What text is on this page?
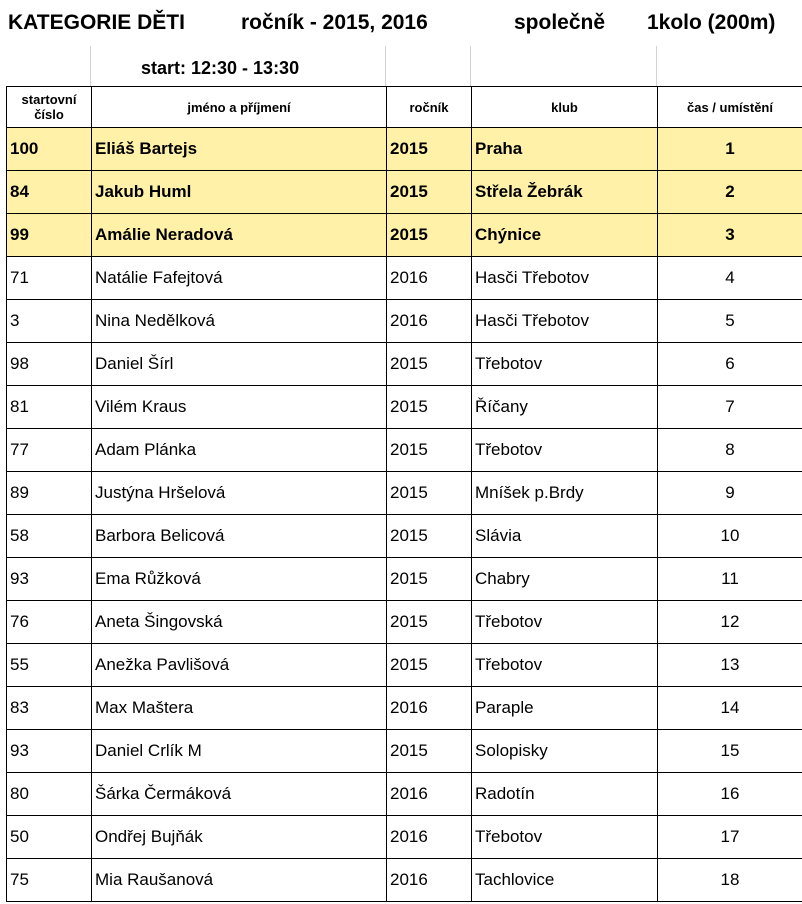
KATEGORIE DĚTI	ročník - 2015, 2016	společně 1kolo (200m)
start: 12:30 - 13:30
startovní
číslo	jméno a příjmení	ročník	klub	čas / umístění
100	Eliáš Bartejs	2015	Praha	1
84	Jakub Huml	2015	Střela Žebrák	2
99	Amálie Neradová	2015	Chýnice	3
71	Natálie Fafejtová	2016	Hasči Třebotov	4
3	Nina Nedělková	2016	Hasči Třebotov	5
98	Daniel Šírl	2015	Třebotov	6
81	Vilém Kraus	2015	Říčany	7
77	Adam Plánka	2015	Třebotov	8
89	Justýna Hršelová	2015	Mníšek p.Brdy	9
58	Barbora Belicová	2015	Slávia	10
93	Ema Růžková	2015	Chabry	11
76	Aneta Šingovská	2015	Třebotov	12
55	Anežka Pavlišová	2015	Třebotov	13
83	Max Maštera	2016	Paraple	14
93	Daniel Crlík M	2015	Solopisky	15
80	Šárka Čermáková	2016	Radotín	16
50	Ondřej Bujňák	2016	Třebotov	17
75	Mia Raušanová	2016	Tachlovice	18
